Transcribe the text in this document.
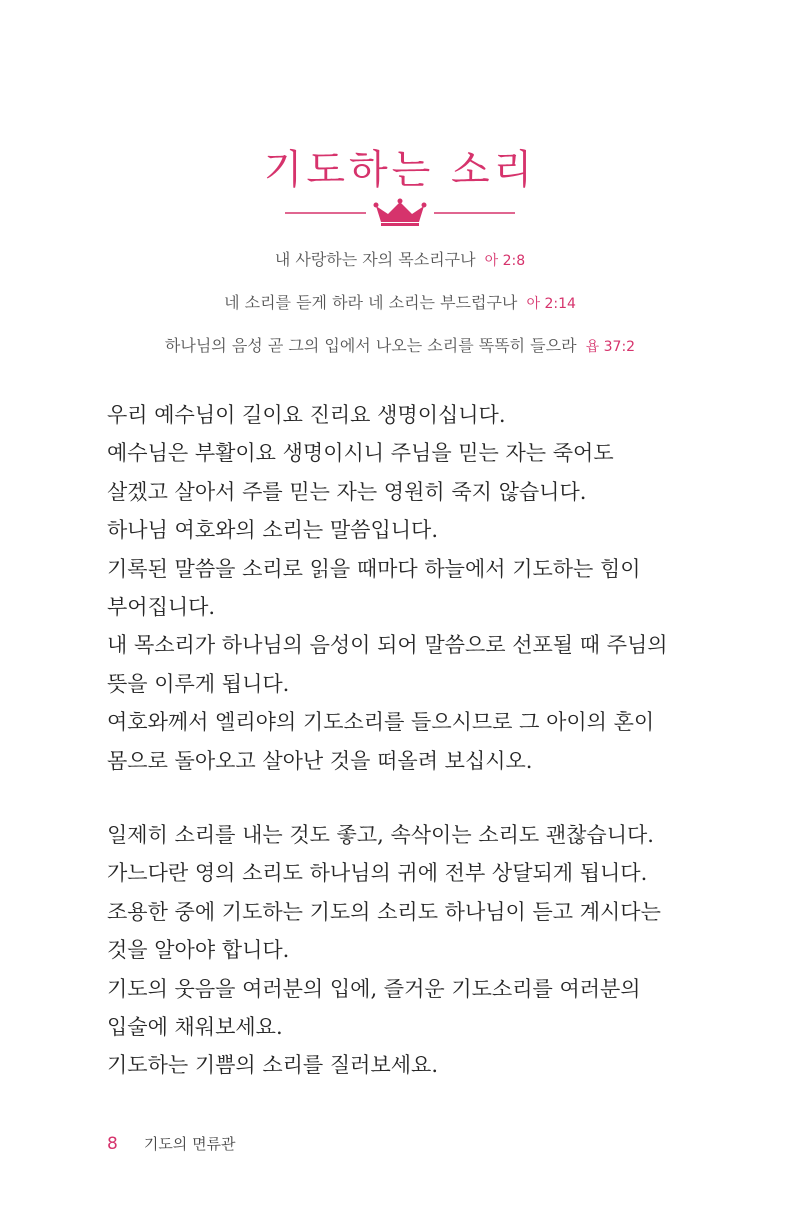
기도하는 소리
내 사랑하는 자의 목소리구나 아 2:8
네 소리를 듣게 하라 네 소리는 부드럽구나 아 2:14
하나님의 음성 곧 그의 입에서 나오는 소리를 똑똑히 들으라 욥 37:2
우리 예수님이 길이요 진리요 생명이십니다.
예수님은 부활이요 생명이시니 주님을 믿는 자는 죽어도
살겠고 살아서 주를 믿는 자는 영원히 죽지 않습니다.
하나님 여호와의 소리는 말씀입니다.
기록된 말씀을 소리로 읽을 때마다 하늘에서 기도하는 힘이
부어집니다.
내 목소리가 하나님의 음성이 되어 말씀으로 선포될 때 주님의
뜻을 이루게 됩니다.
여호와께서 엘리야의 기도소리를 들으시므로 그 아이의 혼이
몸으로 돌아오고 살아난 것을 떠올려 보십시오.
일제히 소리를 내는 것도 좋고, 속삭이는 소리도 괜찮습니다.
가느다란 영의 소리도 하나님의 귀에 전부 상달되게 됩니다.
조용한 중에 기도하는 기도의 소리도 하나님이 듣고 계시다는
것을 알아야 합니다.
기도의 웃음을 여러분의 입에, 즐거운 기도소리를 여러분의
입술에 채워보세요.
기도하는 기쁨의 소리를 질러보세요.
8 기도의 면류관
